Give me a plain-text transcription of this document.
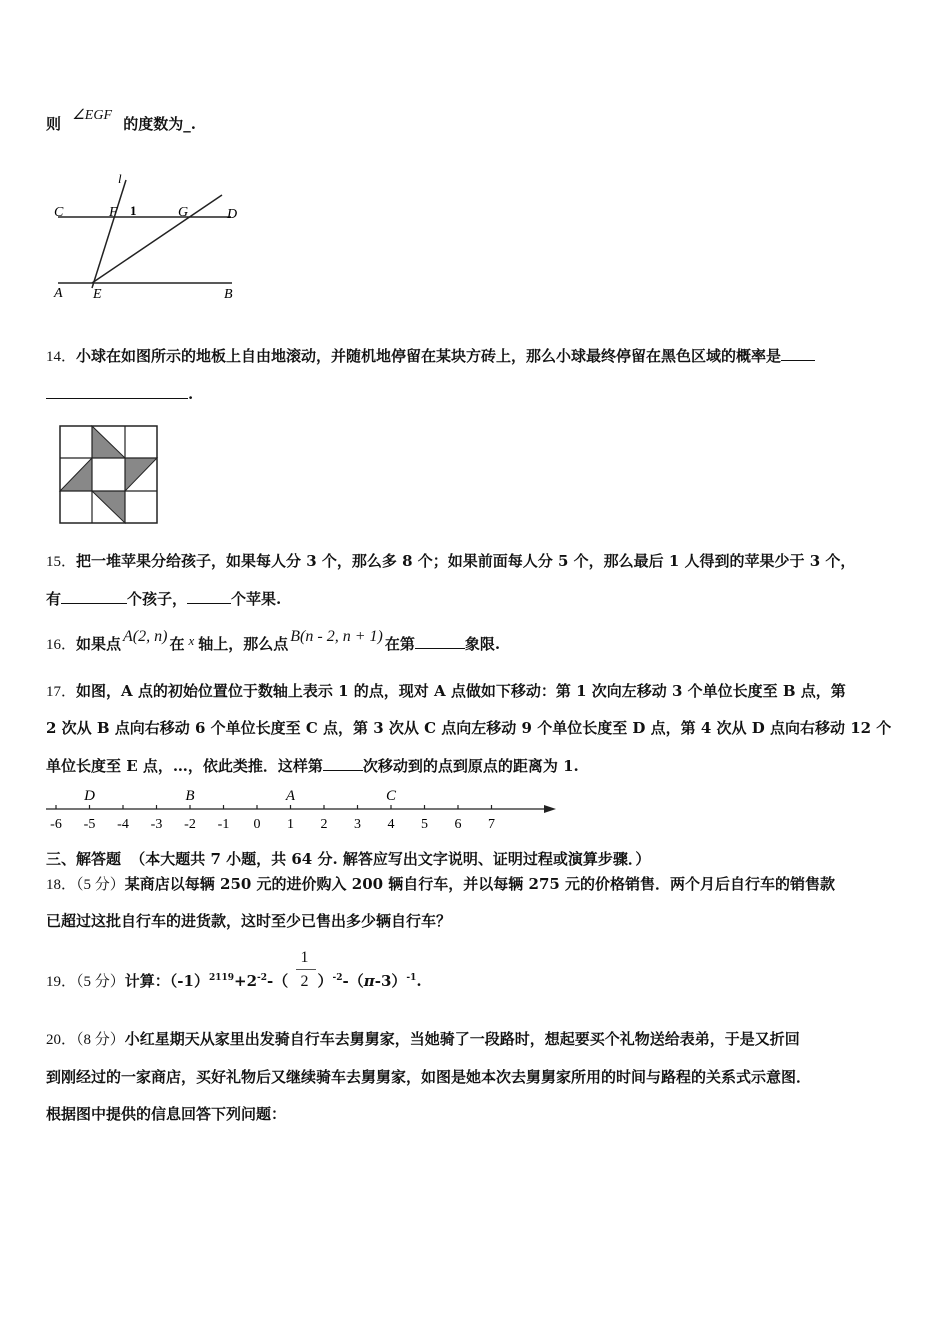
则 ∠EGF 的度数为_.
l
C	F 1	G	D
A E	B
14．小球在如图所示的地板上自由地滚动，并随机地停留在某块方砖上，那么小球最终停留在黑色区域的概率是
.
15．把一堆苹果分给孩子，如果每人分 3 个，那么多 8 个；如果前面每人分 5 个，那么最后 1 人得到的苹果少于 3 个，
有	个孩子，	个苹果.
16．如果点 A(2, n) 在 x 轴上，那么点 B(n - 2, n + 1) 在第	象限.
17．如图，A 点的初始位置位于数轴上表示 1 的点，现对 A 点做如下移动：第 1 次向左移动 3 个单位长度至 B 点，第
2 次从 B 点向右移动 6 个单位长度至 C 点，第 3 次从 C 点向左移动 9 个单位长度至 D 点，第 4 次从 D 点向右移动 12 个
单位长度至 E 点，…，依此类推．这样第	次移动到的点到原点的距离为 1.
-6 -5 -4 -3 -2 -1 0 1 2 3 4 5 6 7
D	B	A	C
三、解答题 （本大题共 7 小题，共 64 分. 解答应写出文字说明、证明过程或演算步骤．）
18．（5 分）某商店以每辆 250 元的进价购入 200 辆自行车，并以每辆 275 元的价格销售．两个月后自行车的销售款
已超过这批自行车的进货款，这时至少已售出多少辆自行车？
19．（5 分）计算：$(-1)^{2119}+2^{-2}-( \frac{1}{2} )^{-2}-(\pi-3)^{-1}$.
20．（8 分）小红星期天从家里出发骑自行车去舅舅家，当她骑了一段路时，想起要买个礼物送给表弟，于是又折回
到刚经过的一家商店，买好礼物后又继续骑车去舅舅家，如图是她本次去舅舅家所用的时间与路程的关系式示意图．
根据图中提供的信息回答下列问题：
